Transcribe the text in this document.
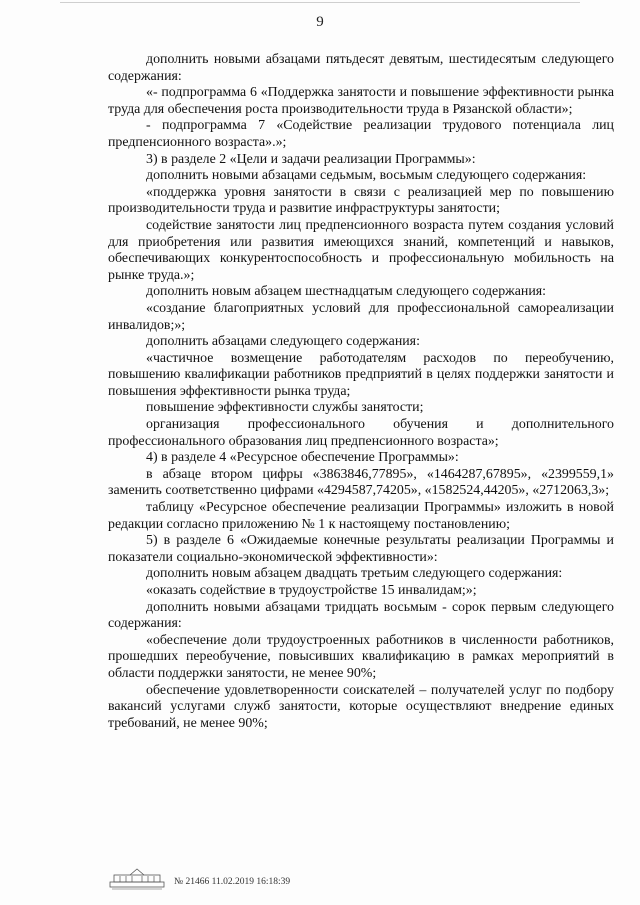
9

дополнить новыми абзацами пятьдесят девятым, шестидесятым следующего содержания:

«- подпрограмма 6 «Поддержка занятости и повышение эффективности рынка труда для обеспечения роста производительности труда в Рязанской области»;

- подпрограмма 7 «Содействие реализации трудового потенциала лиц предпенсионного возраста».»;

3) в разделе 2 «Цели и задачи реализации Программы»:

дополнить новыми абзацами седьмым, восьмым следующего содержания:

«поддержка уровня занятости в связи с реализацией мер по повышению производительности труда и развитие инфраструктуры занятости;

содействие занятости лиц предпенсионного возраста путем создания условий для приобретения или развития имеющихся знаний, компетенций и навыков, обеспечивающих конкурентоспособность и профессиональную мобильность на рынке труда.»;

дополнить новым абзацем шестнадцатым следующего содержания:

«создание благоприятных условий для профессиональной самореализации инвалидов;»;

дополнить абзацами следующего содержания:

«частичное возмещение работодателям расходов по переобучению, повышению квалификации работников предприятий в целях поддержки занятости и повышения эффективности рынка труда;

повышение эффективности службы занятости;

организация профессионального обучения и дополнительного профессионального образования лиц предпенсионного возраста»;

4) в разделе 4 «Ресурсное обеспечение Программы»:

в абзаце втором цифры «3863846,77895», «1464287,67895», «2399559,1» заменить соответственно цифрами «4294587,74205», «1582524,44205», «2712063,3»;

таблицу «Ресурсное обеспечение реализации Программы» изложить в новой редакции согласно приложению № 1 к настоящему постановлению;

5) в разделе 6 «Ожидаемые конечные результаты реализации Программы и показатели социально-экономической эффективности»:

дополнить новым абзацем двадцать третьим следующего содержания:

«оказать содействие в трудоустройстве 15 инвалидам;»;

дополнить новыми абзацами тридцать восьмым - сорок первым следующего содержания:

«обеспечение доли трудоустроенных работников в численности работников, прошедших переобучение, повысивших квалификацию в рамках мероприятий в области поддержки занятости, не менее 90%;

обеспечение удовлетворенности соискателей – получателей услуг по подбору вакансий услугами служб занятости, которые осуществляют внедрение единых требований, не менее 90%;

№ 21466 11.02.2019 16:18:39
